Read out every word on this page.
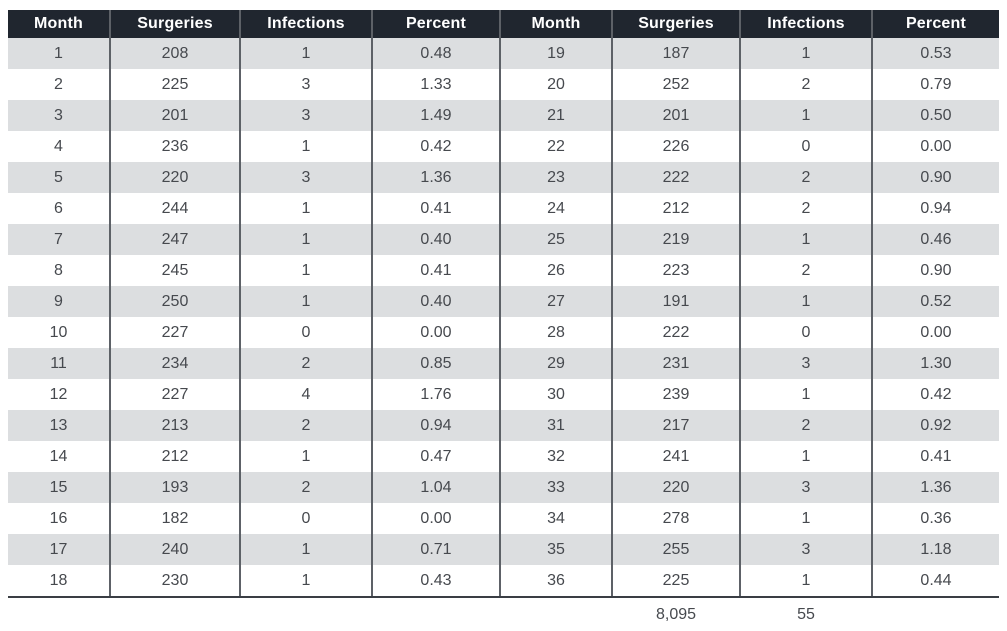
Month	Surgeries	Infections	Percent	Month	Surgeries	Infections	Percent
1	208	1	0.48	19	187	1	0.53
2	225	3	1.33	20	252	2	0.79
3	201	3	1.49	21	201	1	0.50
4	236	1	0.42	22	226	0	0.00
5	220	3	1.36	23	222	2	0.90
6	244	1	0.41	24	212	2	0.94
7	247	1	0.40	25	219	1	0.46
8	245	1	0.41	26	223	2	0.90
9	250	1	0.40	27	191	1	0.52
10	227	0	0.00	28	222	0	0.00
11	234	2	0.85	29	231	3	1.30
12	227	4	1.76	30	239	1	0.42
13	213	2	0.94	31	217	2	0.92
14	212	1	0.47	32	241	1	0.41
15	193	2	1.04	33	220	3	1.36
16	182	0	0.00	34	278	1	0.36
17	240	1	0.71	35	255	3	1.18
18	230	1	0.43	36	225	1	0.44
					8,095	55	
